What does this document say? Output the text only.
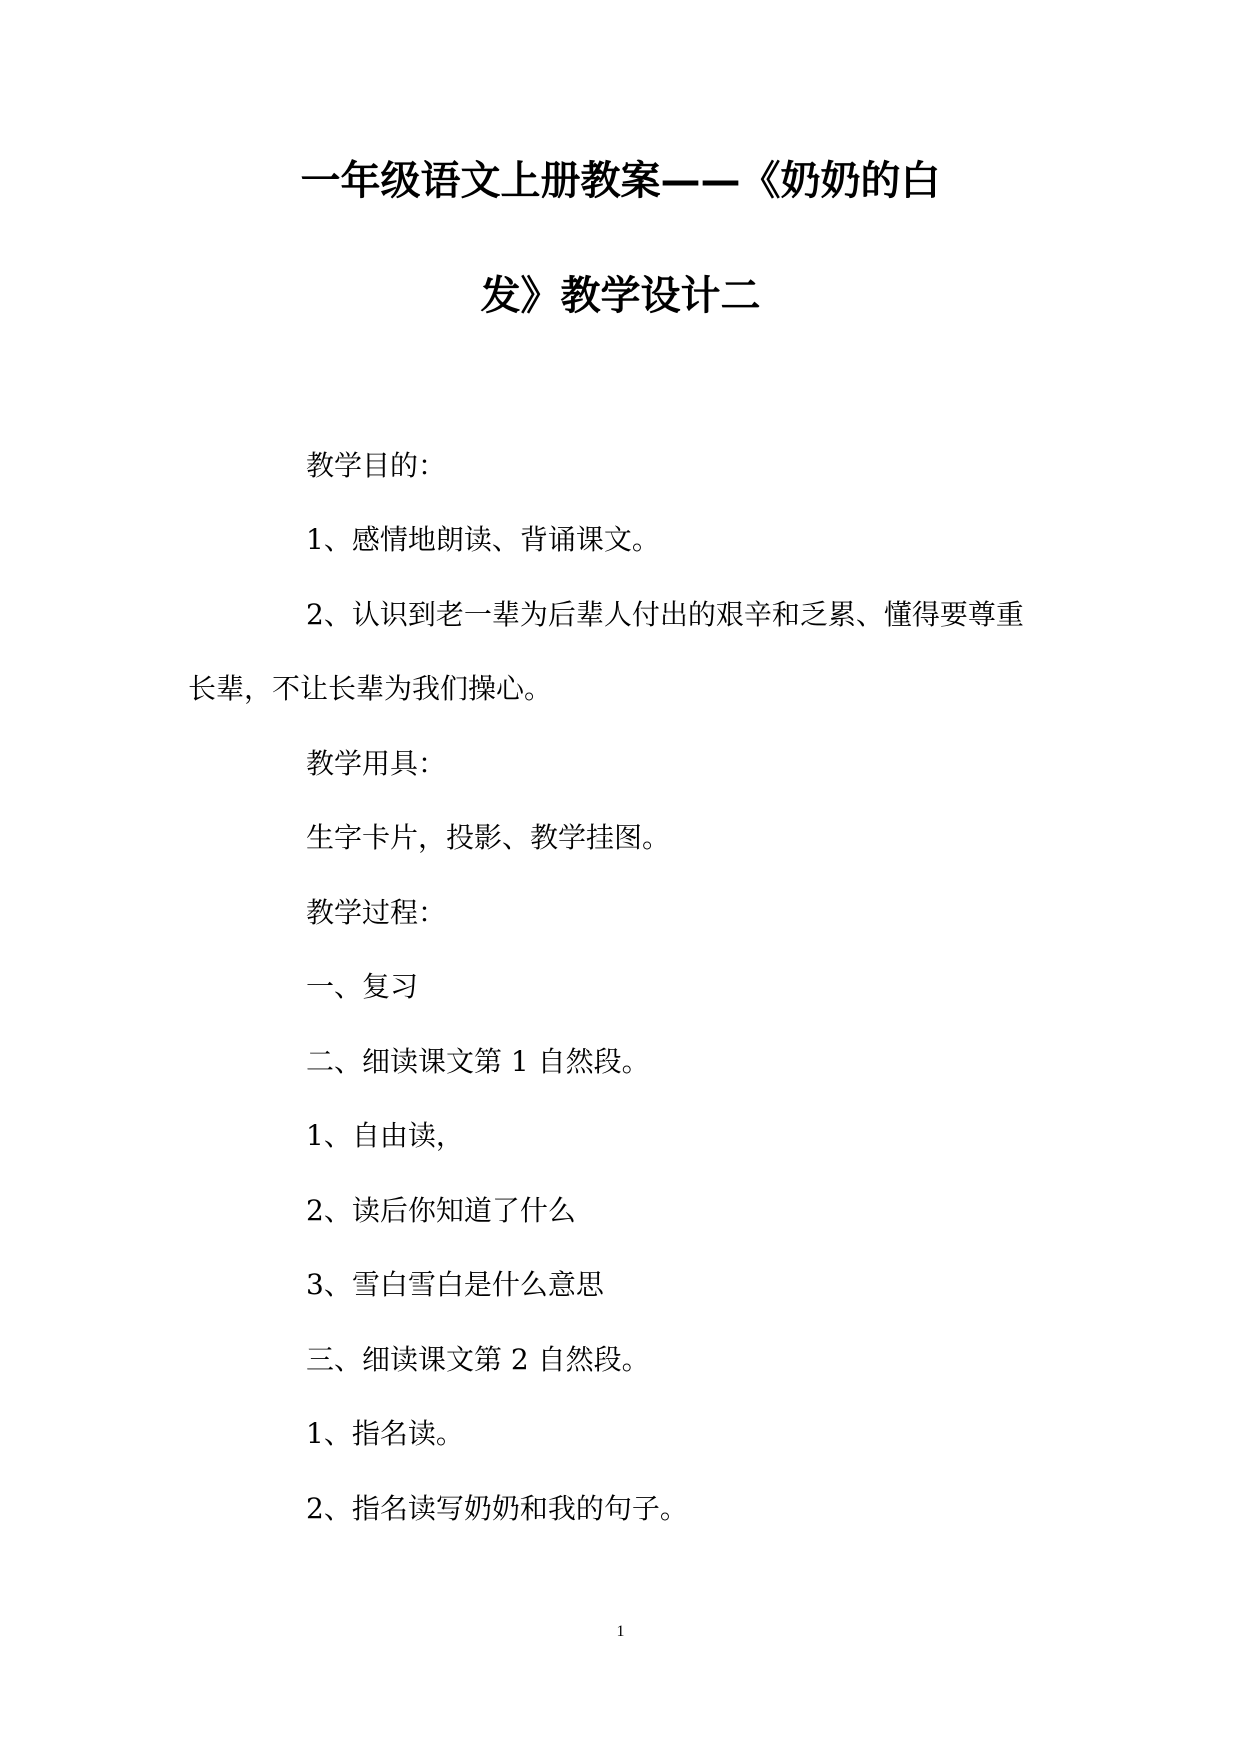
一年级语文上册教案——《奶奶的白
发》教学设计二
教学目的：
1、感情地朗读、背诵课文。
2、认识到老一辈为后辈人付出的艰辛和乏累、懂得要尊重
长辈，不让长辈为我们操心。
教学用具：
生字卡片，投影、教学挂图。
教学过程：
一、复习
二、细读课文第 1 自然段。
1、自由读，
2、读后你知道了什么
3、雪白雪白是什么意思
三、细读课文第 2 自然段。
1、指名读。
2、指名读写奶奶和我的句子。
1
